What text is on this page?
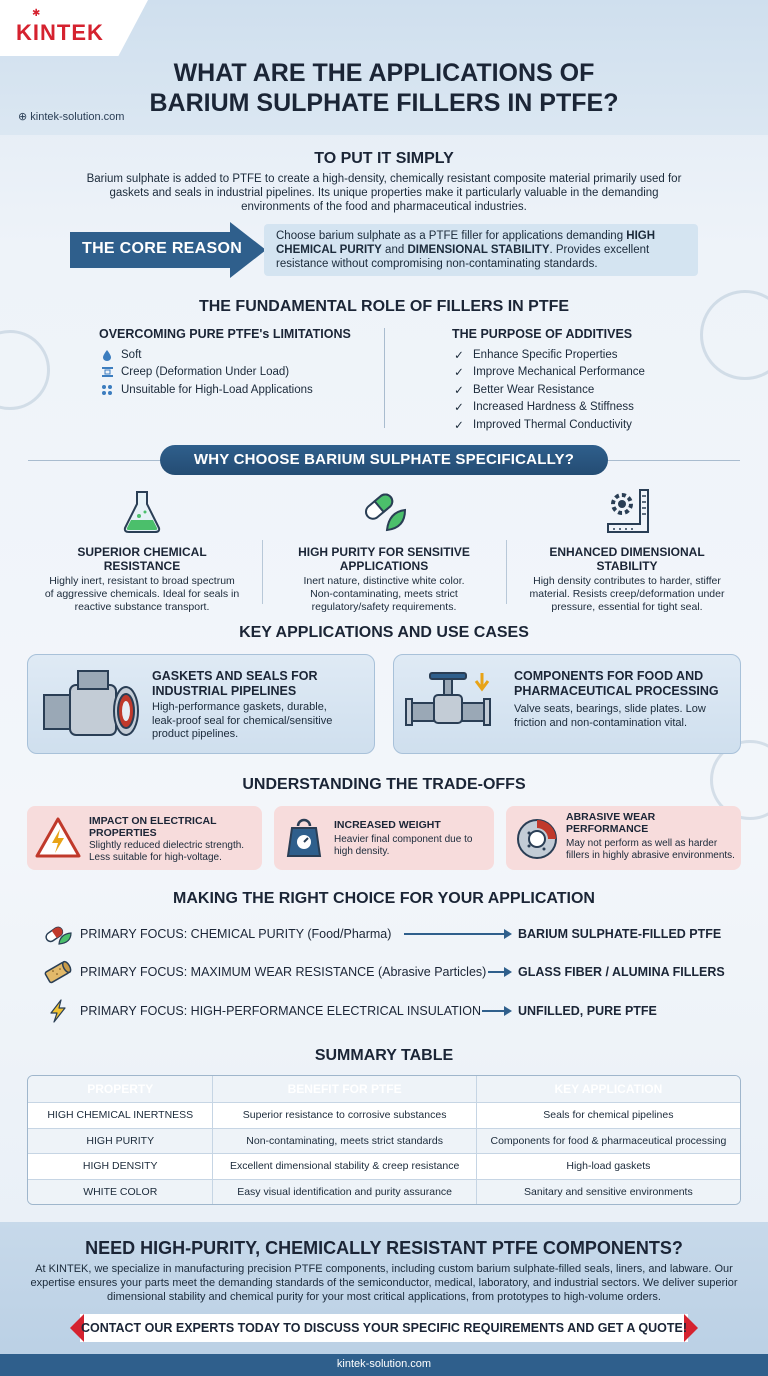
✱
KINTEK
WHAT ARE THE APPLICATIONS OF
BARIUM SULPHATE FILLERS IN PTFE?
⊕ kintek-solution.com
TO PUT IT SIMPLY
Barium sulphate is added to PTFE to create a high-density, chemically resistant composite material primarily used for gaskets and seals in industrial pipelines. Its unique properties make it particularly valuable in the demanding environments of the food and pharmaceutical industries.
THE CORE REASON
Choose barium sulphate as a PTFE filler for applications demanding HIGH CHEMICAL PURITY and DIMENSIONAL STABILITY. Provides excellent resistance without compromising non-contaminating standards.
THE FUNDAMENTAL ROLE OF FILLERS IN PTFE
OVERCOMING PURE PTFE's LIMITATIONS
Soft
Creep (Deformation Under Load)
Unsuitable for High-Load Applications
THE PURPOSE OF ADDITIVES
✓ Enhance Specific Properties
✓ Improve Mechanical Performance
✓ Better Wear Resistance
✓ Increased Hardness & Stiffness
✓ Improved Thermal Conductivity
WHY CHOOSE BARIUM SULPHATE SPECIFICALLY?
SUPERIOR CHEMICAL
RESISTANCE
Highly inert, resistant to broad spectrum
of aggressive chemicals. Ideal for seals in
reactive substance transport.
HIGH PURITY FOR SENSITIVE
APPLICATIONS
Inert nature, distinctive white color.
Non-contaminating, meets strict
regulatory/safety requirements.
ENHANCED DIMENSIONAL
STABILITY
High density contributes to harder, stiffer
material. Resists creep/deformation under
pressure, essential for tight seal.
KEY APPLICATIONS AND USE CASES
GASKETS AND SEALS FOR
INDUSTRIAL PIPELINES
High-performance gaskets, durable,
leak-proof seal for chemical/sensitive
product pipelines.
COMPONENTS FOR FOOD AND
PHARMACEUTICAL PROCESSING
Valve seats, bearings, slide plates. Low
friction and non-contamination vital.
UNDERSTANDING THE TRADE-OFFS
IMPACT ON ELECTRICAL
PROPERTIES
Slightly reduced dielectric strength.
Less suitable for high-voltage.
INCREASED WEIGHT
Heavier final component due to
high density.
ABRASIVE WEAR
PERFORMANCE
May not perform as well as harder
fillers in highly abrasive environments.
MAKING THE RIGHT CHOICE FOR YOUR APPLICATION
PRIMARY FOCUS: CHEMICAL PURITY (Food/Pharma)	BARIUM SULPHATE-FILLED PTFE
PRIMARY FOCUS: MAXIMUM WEAR RESISTANCE (Abrasive Particles)	GLASS FIBER / ALUMINA FILLERS
PRIMARY FOCUS: HIGH-PERFORMANCE ELECTRICAL INSULATION	UNFILLED, PURE PTFE
SUMMARY TABLE
PROPERTY	BENEFIT FOR PTFE	KEY APPLICATION
HIGH CHEMICAL INERTNESS	Superior resistance to corrosive substances	Seals for chemical pipelines
HIGH PURITY	Non-contaminating, meets strict standards	Components for food & pharmaceutical processing
HIGH DENSITY	Excellent dimensional stability & creep resistance	High-load gaskets
WHITE COLOR	Easy visual identification and purity assurance	Sanitary and sensitive environments
NEED HIGH-PURITY, CHEMICALLY RESISTANT PTFE COMPONENTS?
At KINTEK, we specialize in manufacturing precision PTFE components, including custom barium sulphate-filled seals, liners, and labware. Our expertise ensures your parts meet the demanding standards of the semiconductor, medical, laboratory, and industrial sectors. We deliver superior dimensional stability and chemical purity for your most critical applications, from prototypes to high-volume orders.
CONTACT OUR EXPERTS TODAY TO DISCUSS YOUR SPECIFIC REQUIREMENTS AND GET A QUOTE!
kintek-solution.com
